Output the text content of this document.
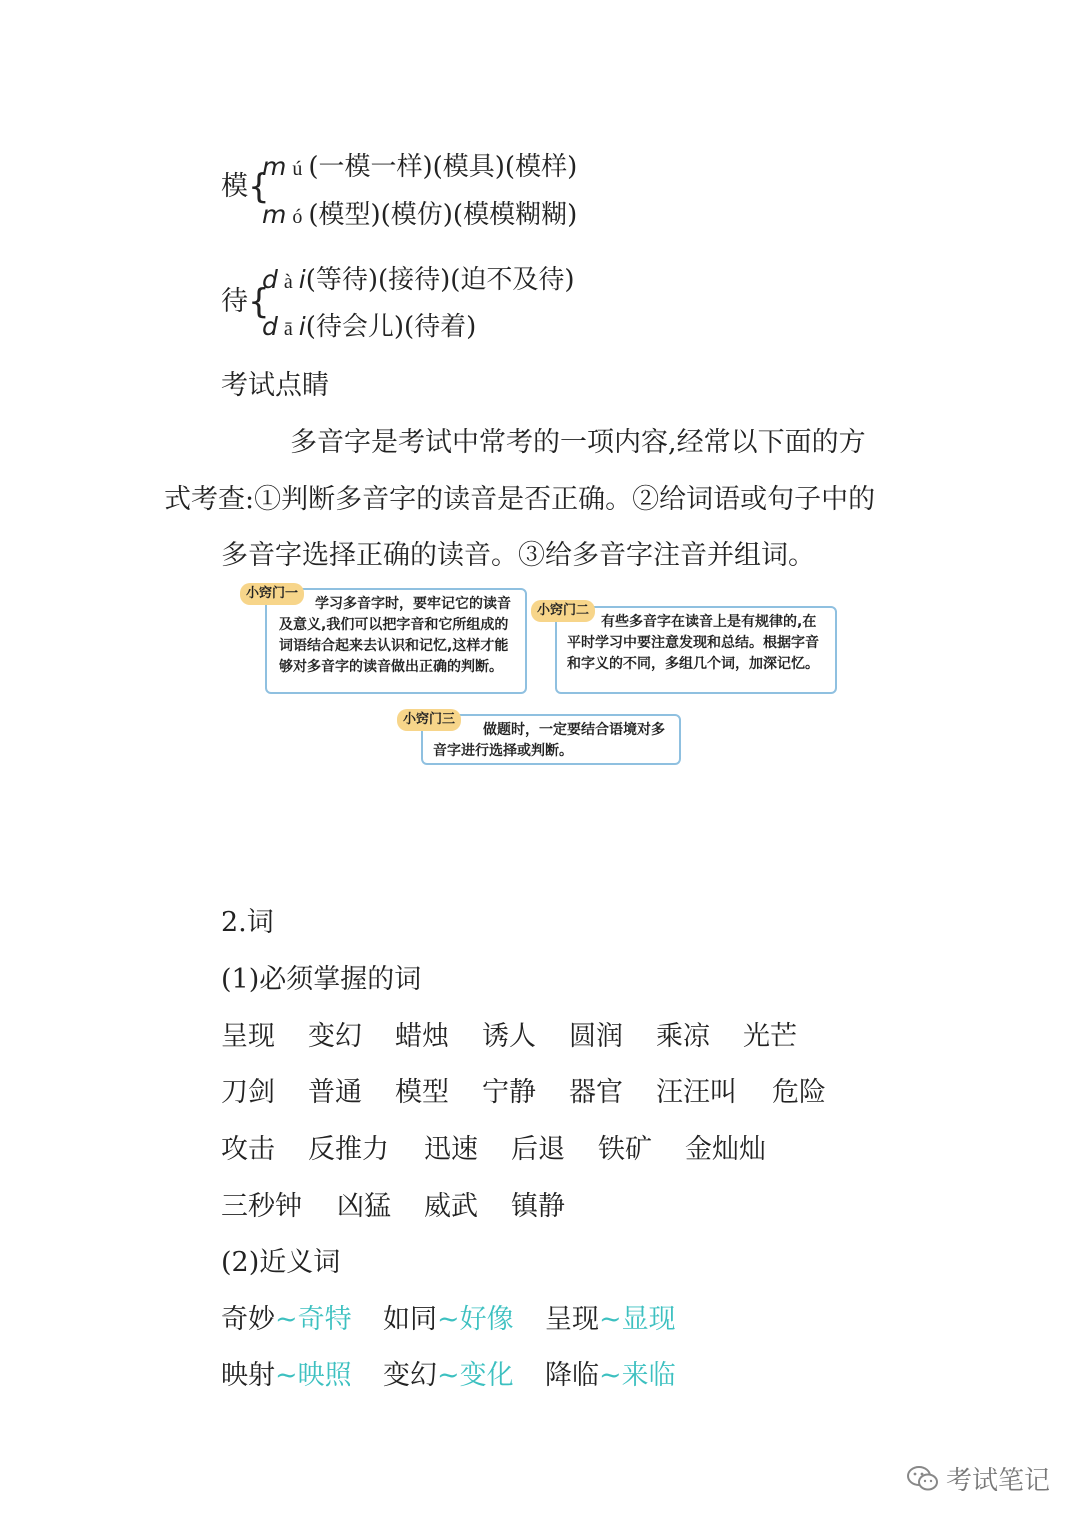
模 {
m ú (一模一样)(模具)(模样)
m ó (模型)(模仿)(模模糊糊)
待 {
d à i(等待)(接待)(迫不及待)
d ā i(待会儿)(待着)
考试点睛
多音字是考试中常考的一项内容,经常以下面的方
式考查:①判断多音字的读音是否正确。②给词语或句子中的
多音字选择正确的读音。③给多音字注音并组词。
学习多音字时，要牢记它的读音及意义,我们可以把字音和它所组成的词语结合起来去认识和记忆,这样才能够对多音字的读音做出正确的判断。
小窍门一
有些多音字在读音上是有规律的,在平时学习中要注意发现和总结。根据字音和字义的不同，多组几个词，加深记忆。
小窍门二
做题时，一定要结合语境对多音字进行选择或判断。
小窍门三
2.词
(1)必须掌握的词
呈现 变幻 蜡烛 诱人 圆润 乘凉 光芒
刀剑 普通 模型 宁静 器官 汪汪叫 危险
攻击 反推力 迅速 后退 铁矿 金灿灿
三秒钟 凶猛 威武 镇静
(2)近义词
奇妙~奇特 如同~好像 呈现~显现
映射~映照 变幻~变化 降临~来临
考试笔记
